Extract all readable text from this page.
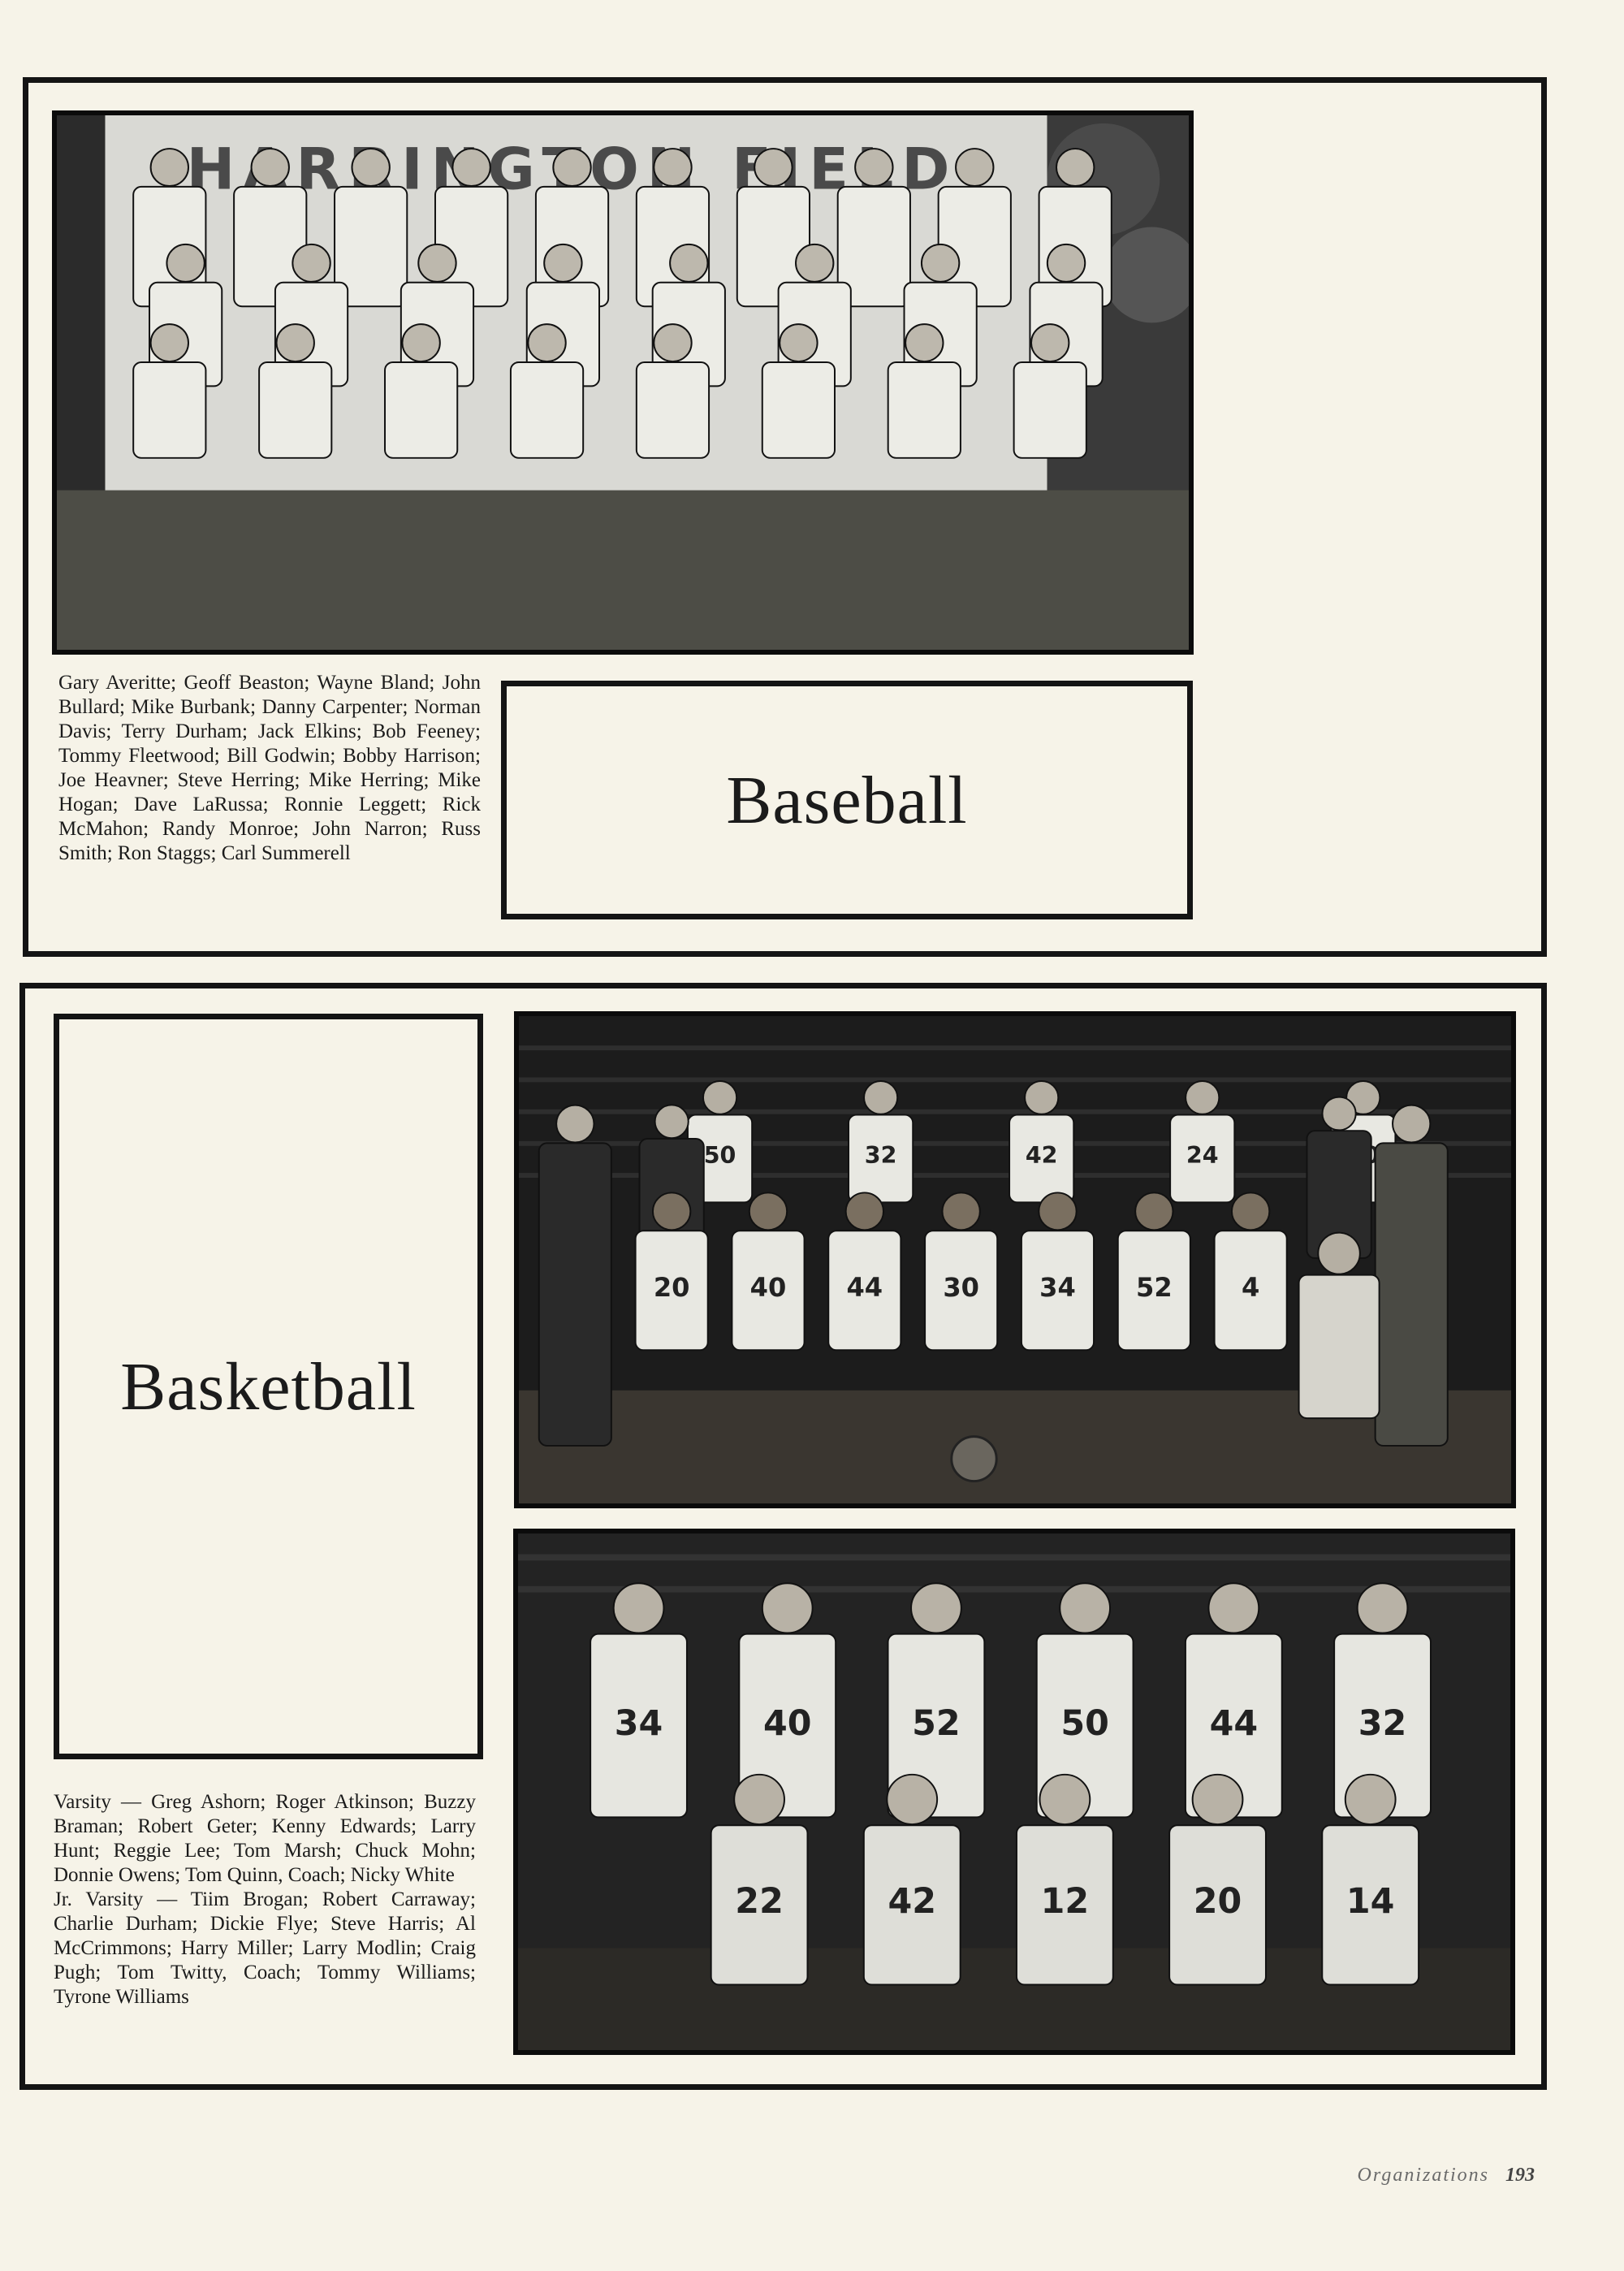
HARRINGTON FIELD

Gary Averitte; Geoff Beaston; Wayne Bland; John Bullard; Mike Burbank; Danny Carpenter; Norman Davis; Terry Durham; Jack Elkins; Bob Feeney; Tommy Fleetwood; Bill Godwin; Bobby Harrison; Joe Heavner; Steve Herring; Mike Herring; Mike Hogan; Dave LaRussa; Ronnie Leggett; Rick McMahon; Randy Monroe; John Narron; Russ Smith; Ron Staggs; Carl Summerell

Baseball
Basketball
50	32	42	24
20 40 44 30 34 52	4
34	40	52	50	44	32
22	42	12	20	14

Varsity — Greg Ashorn; Roger Atkinson; Buzzy Braman; Robert Geter; Kenny Edwards; Larry Hunt; Reggie Lee; Tom Marsh; Chuck Mohn; Donnie Owens; Tom Quinn, Coach; Nicky White

Jr. Varsity — Tiim Brogan; Robert Carraway; Charlie Durham; Dickie Flye; Steve Harris; Al McCrimmons; Harry Miller; Larry Modlin; Craig Pugh; Tom Twitty, Coach; Tommy Williams; Tyrone Williams

Organizations 193
